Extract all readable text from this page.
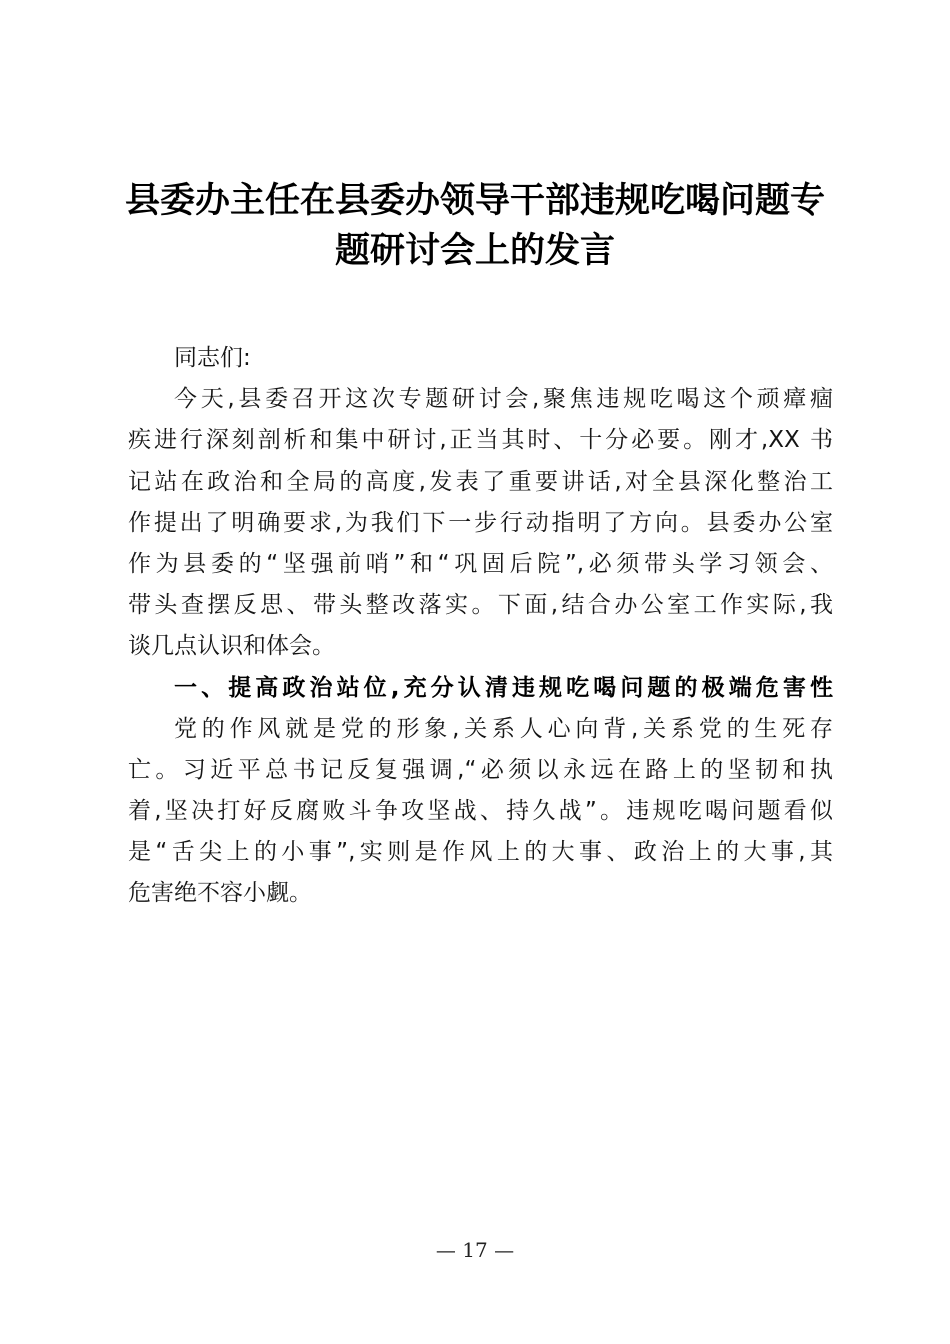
县委办主任在县委办领导干部违规吃喝问题专
题研讨会上的发言
同志们:
今天,县委召开这次专题研讨会,聚焦违规吃喝这个顽瘴痼
疾进行深刻剖析和集中研讨,正当其时、十分必要。刚才,XX 书
记站在政治和全局的高度,发表了重要讲话,对全县深化整治工
作提出了明确要求,为我们下一步行动指明了方向。县委办公室
作为县委的“坚强前哨”和“巩固后院”,必须带头学习领会、
带头查摆反思、带头整改落实。下面,结合办公室工作实际,我
谈几点认识和体会。
一、提高政治站位,充分认清违规吃喝问题的极端危害性
党的作风就是党的形象,关系人心向背,关系党的生死存
亡。习近平总书记反复强调,“必须以永远在路上的坚韧和执
着,坚决打好反腐败斗争攻坚战、持久战”。违规吃喝问题看似
是“舌尖上的小事”,实则是作风上的大事、政治上的大事,其
危害绝不容小觑。
— 17 —
